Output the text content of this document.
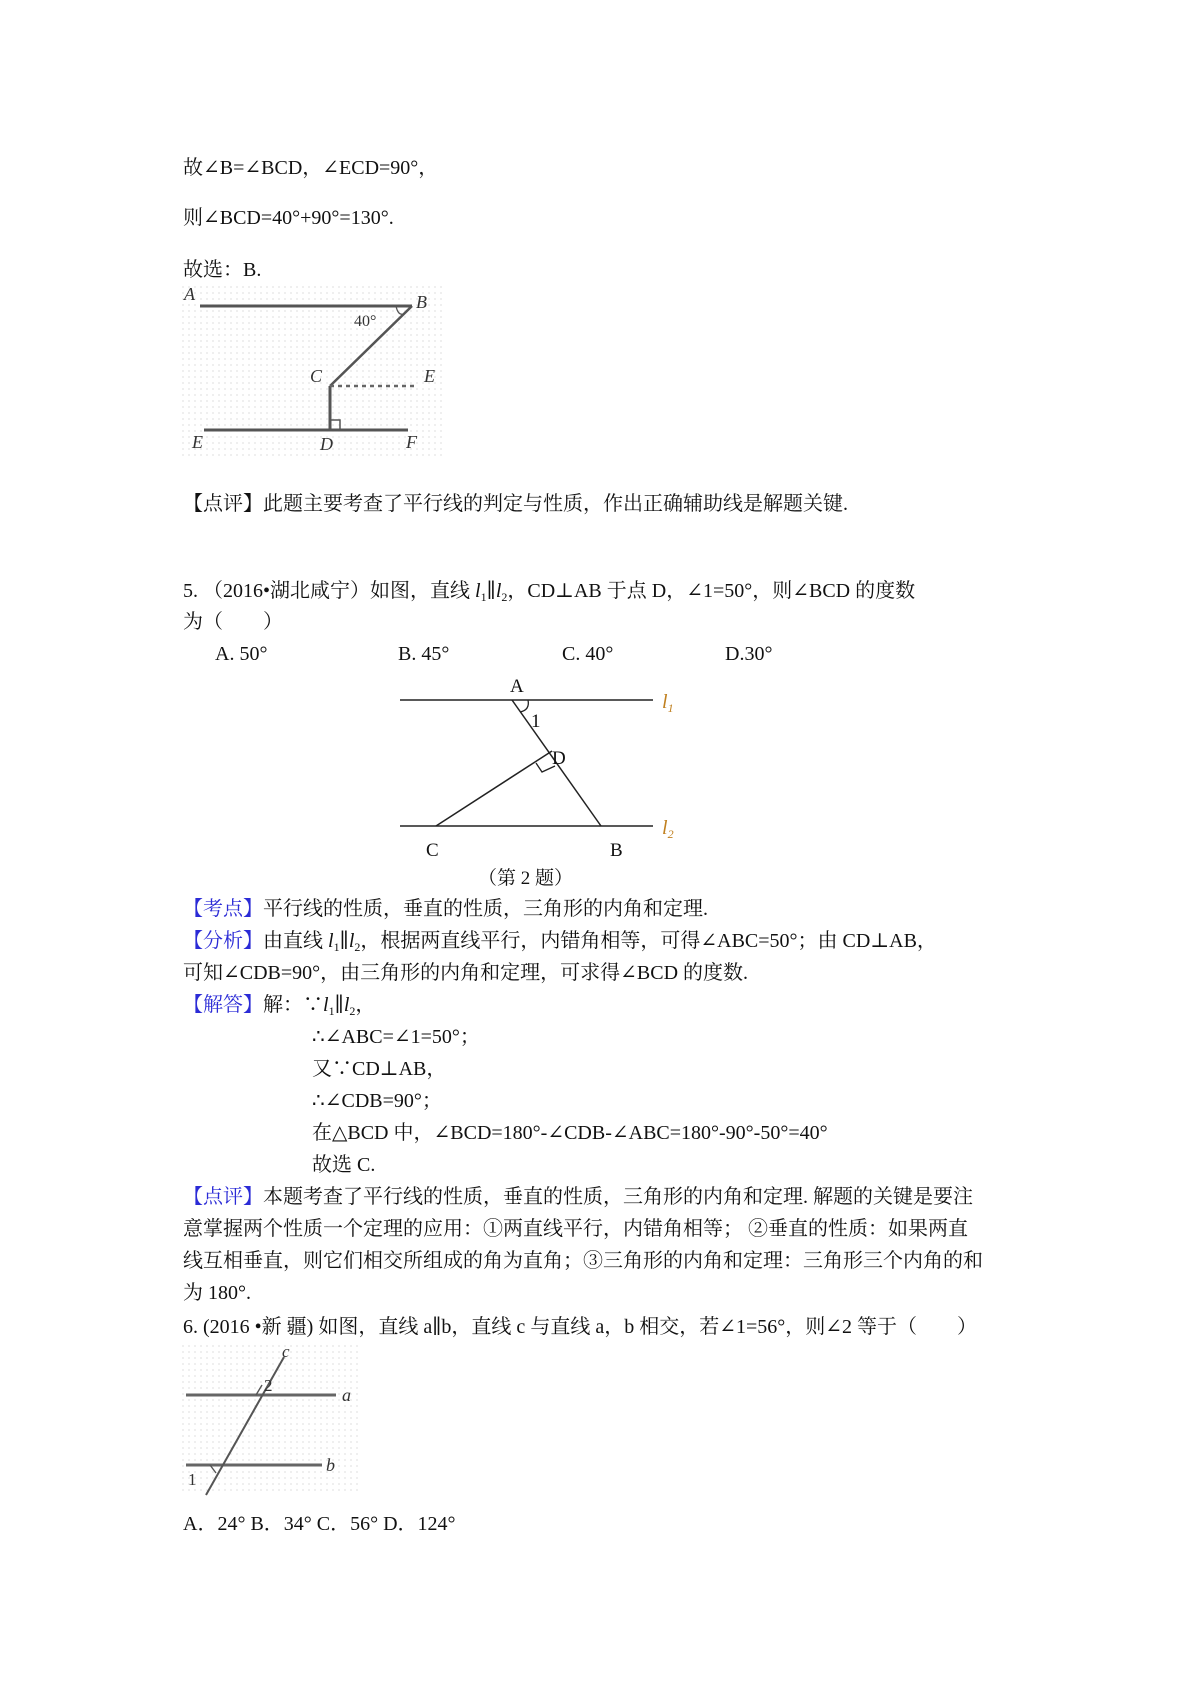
故∠B=∠BCD，∠ECD=90°，
则∠BCD=40°+90°=130°.
故选：B.
A	B
40°
C	E
E	D	F
【点评】此题主要考查了平行线的判定与性质，作出正确辅助线是解题关键.
5. （2016•湖北咸宁）如图，直线 $l_1\parallel l_2$，CD⊥AB 于点 D，∠1=50°，则∠BCD 的度数
为（　　）
A. 50°	B. 45°	C. 40°	D.30°
A
1
D
C	B
$l_1$
$l_2$
（第 2 题）
【考点】平行线的性质，垂直的性质，三角形的内角和定理.
【分析】由直线 $l_1\parallel l_2$，根据两直线平行，内错角相等，可得∠ABC=50°；由 CD⊥AB，
可知∠CDB=90°，由三角形的内角和定理，可求得∠BCD 的度数.
【解答】解：$\because l_1\parallel l_2$，
∴∠ABC=∠1=50°；
又∵CD⊥AB，
∴∠CDB=90°；
在△BCD 中，∠BCD=180°-∠CDB-∠ABC=180°-90°-50°=40°
故选 C.
【点评】本题考查了平行线的性质，垂直的性质，三角形的内角和定理. 解题的关键是要注
意掌握两个性质一个定理的应用：①两直线平行，内错角相等； ②垂直的性质：如果两直
线互相垂直，则它们相交所组成的角为直角；③三角形的内角和定理：三角形三个内角的和
为 180°.
6. (2016 •新 疆) 如图，直线 a∥b，直线 c 与直线 a，b 相交，若∠1=56°，则∠2 等于（　　）
c
2	a
b
1
A．24° B．34° C．56° D．124°
